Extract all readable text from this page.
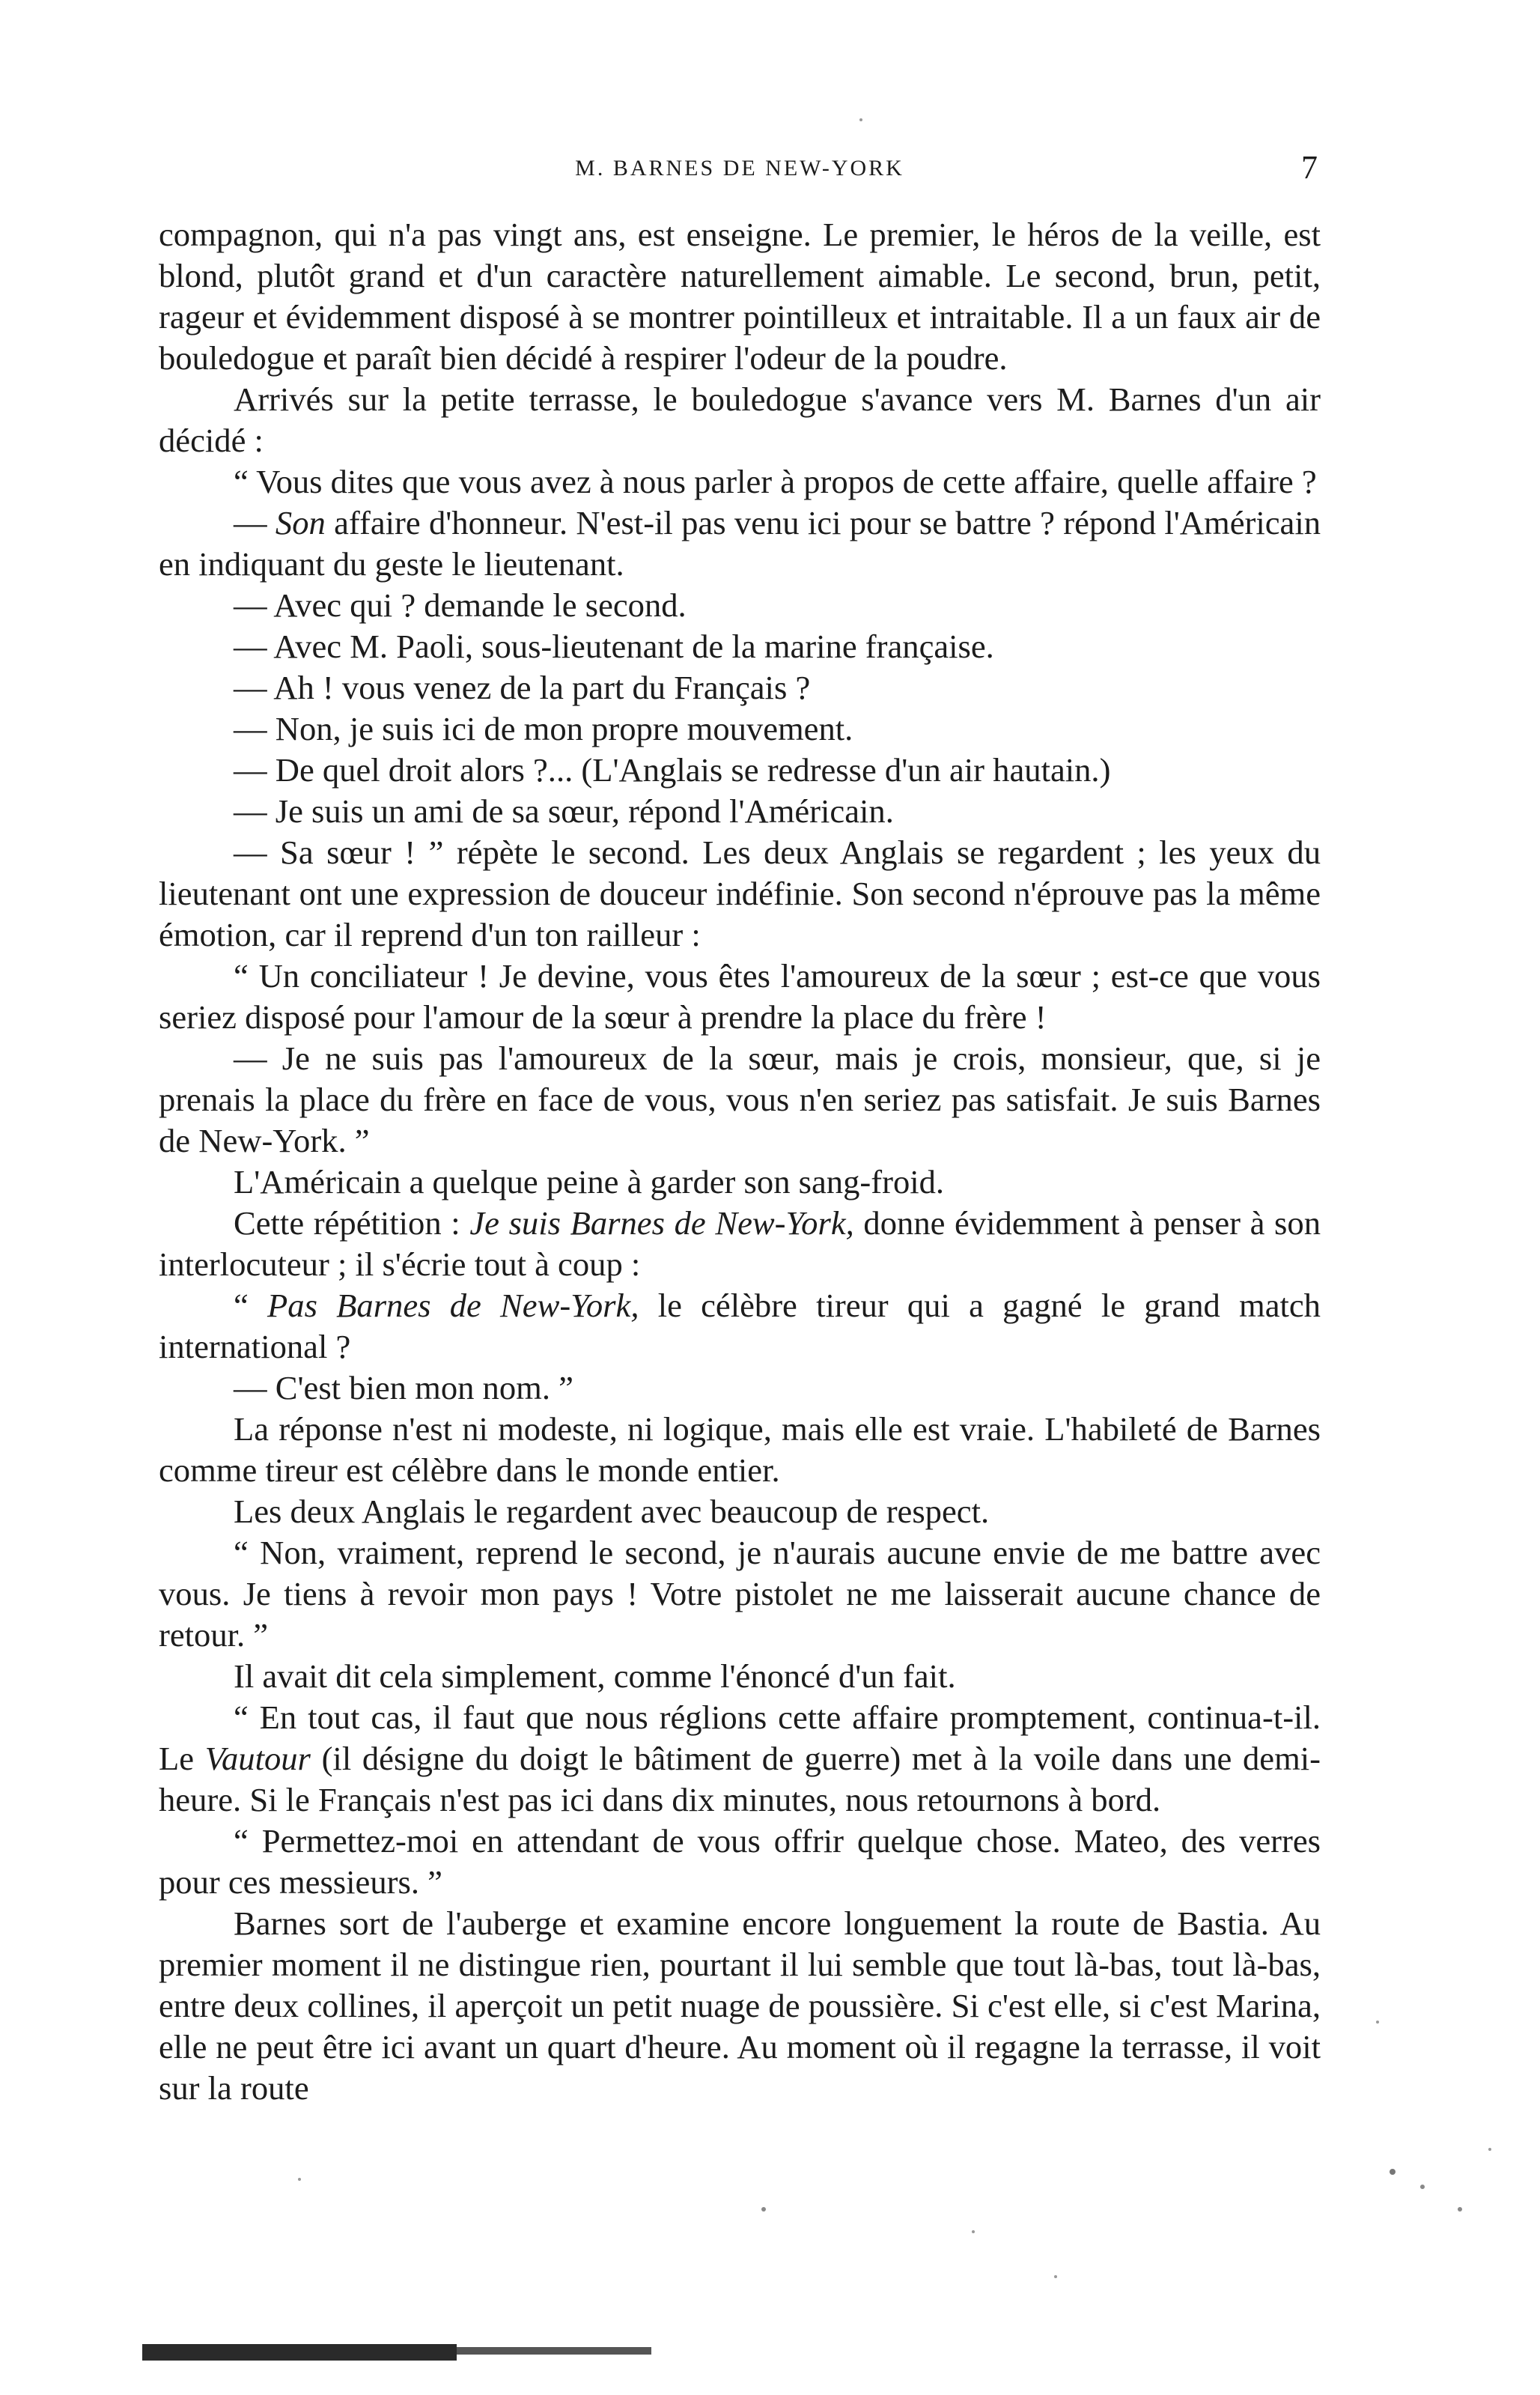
M. BARNES DE NEW-YORK	7

compagnon, qui n'a pas vingt ans, est enseigne. Le premier, le héros de la veille, est blond, plutôt grand et d'un caractère naturellement aimable. Le second, brun, petit, rageur et évidemment disposé à se montrer pointilleux et intraitable. Il a un faux air de bouledogue et paraît bien décidé à respirer l'odeur de la poudre.

Arrivés sur la petite terrasse, le bouledogue s'avance vers M. Barnes d'un air décidé :

“ Vous dites que vous avez à nous parler à propos de cette affaire, quelle affaire ?

— Son affaire d'honneur. N'est-il pas venu ici pour se battre ? répond l'Américain en indiquant du geste le lieutenant.

— Avec qui ? demande le second.

— Avec M. Paoli, sous-lieutenant de la marine française.

— Ah ! vous venez de la part du Français ?

— Non, je suis ici de mon propre mouvement.

— De quel droit alors ?... (L'Anglais se redresse d'un air hautain.)

— Je suis un ami de sa sœur, répond l'Américain.

— Sa sœur ! ” répète le second. Les deux Anglais se regardent ; les yeux du lieutenant ont une expression de douceur indéfinie. Son second n'éprouve pas la même émotion, car il reprend d'un ton railleur :

“ Un conciliateur ! Je devine, vous êtes l'amoureux de la sœur ; est-ce que vous seriez disposé pour l'amour de la sœur à prendre la place du frère !

— Je ne suis pas l'amoureux de la sœur, mais je crois, monsieur, que, si je prenais la place du frère en face de vous, vous n'en seriez pas satisfait. Je suis Barnes de New-York. ”

L'Américain a quelque peine à garder son sang-froid.

Cette répétition : Je suis Barnes de New-York, donne évidemment à penser à son interlocuteur ; il s'écrie tout à coup :

“ Pas Barnes de New-York, le célèbre tireur qui a gagné le grand match international ?

— C'est bien mon nom. ”

La réponse n'est ni modeste, ni logique, mais elle est vraie. L'habileté de Barnes comme tireur est célèbre dans le monde entier.

Les deux Anglais le regardent avec beaucoup de respect.

“ Non, vraiment, reprend le second, je n'aurais aucune envie de me battre avec vous. Je tiens à revoir mon pays ! Votre pistolet ne me laisserait aucune chance de retour. ”

Il avait dit cela simplement, comme l'énoncé d'un fait.

“ En tout cas, il faut que nous réglions cette affaire promptement, continua-t-il. Le Vautour (il désigne du doigt le bâtiment de guerre) met à la voile dans une demi-heure. Si le Français n'est pas ici dans dix minutes, nous retournons à bord.

“ Permettez-moi en attendant de vous offrir quelque chose. Mateo, des verres pour ces messieurs. ”

Barnes sort de l'auberge et examine encore longuement la route de Bastia. Au premier moment il ne distingue rien, pourtant il lui semble que tout là-bas, tout là-bas, entre deux collines, il aperçoit un petit nuage de poussière. Si c'est elle, si c'est Marina, elle ne peut être ici avant un quart d'heure. Au moment où il regagne la terrasse, il voit sur la route
